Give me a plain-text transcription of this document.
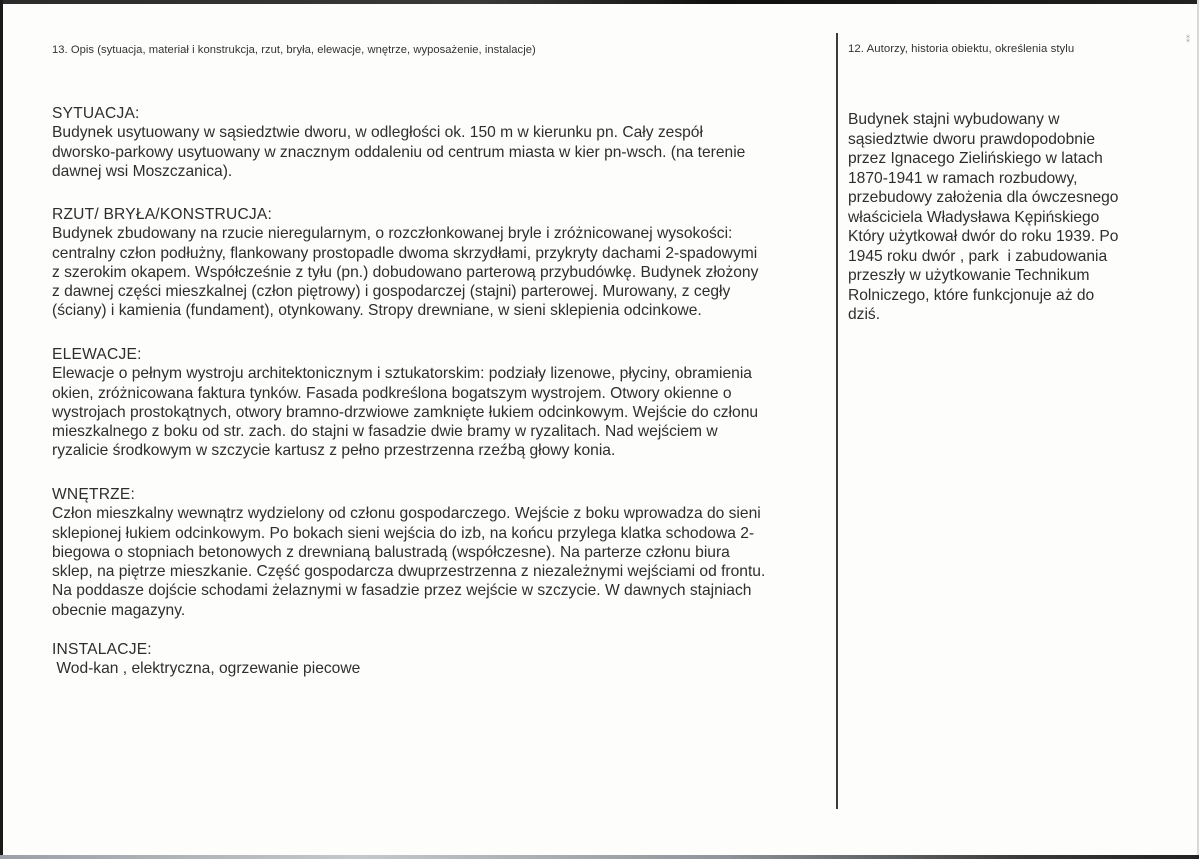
⁑
13. Opis (sytuacja, materiał i konstrukcja, rzut, bryła, elewacje, wnętrze, wyposażenie, instalacje)
SYTUACJA:
Budynek usytuowany w sąsiedztwie dworu, w odległości ok. 150 m w kierunku pn. Cały zespół
dworsko-parkowy usytuowany w znacznym oddaleniu od centrum miasta w kier pn-wsch. (na terenie
dawnej wsi Moszczanica).
RZUT/ BRYŁA/KONSTRUCJA:
Budynek zbudowany na rzucie nieregularnym, o rozczłonkowanej bryle i zróżnicowanej wysokości:
centralny człon podłużny, flankowany prostopadle dwoma skrzydłami, przykryty dachami 2-spadowymi
z szerokim okapem. Współcześnie z tyłu (pn.) dobudowano parterową przybudówkę. Budynek złożony
z dawnej części mieszkalnej (człon piętrowy) i gospodarczej (stajni) parterowej. Murowany, z cegły
(ściany) i kamienia (fundament), otynkowany. Stropy drewniane, w sieni sklepienia odcinkowe.
ELEWACJE:
Elewacje o pełnym wystroju architektonicznym i sztukatorskim: podziały lizenowe, płyciny, obramienia
okien, zróżnicowana faktura tynków. Fasada podkreślona bogatszym wystrojem. Otwory okienne o
wystrojach prostokątnych, otwory bramno-drzwiowe zamknięte łukiem odcinkowym. Wejście do członu
mieszkalnego z boku od str. zach. do stajni w fasadzie dwie bramy w ryzalitach. Nad wejściem w
ryzalicie środkowym w szczycie kartusz z pełno przestrzenna rzeźbą głowy konia.
WNĘTRZE:
Człon mieszkalny wewnątrz wydzielony od członu gospodarczego. Wejście z boku wprowadza do sieni
sklepionej łukiem odcinkowym. Po bokach sieni wejścia do izb, na końcu przylega klatka schodowa 2-
biegowa o stopniach betonowych z drewnianą balustradą (współczesne). Na parterze członu biura
sklep, na piętrze mieszkanie. Część gospodarcza dwuprzestrzenna z niezależnymi wejściami od frontu.
Na poddasze dojście schodami żelaznymi w fasadzie przez wejście w szczycie. W dawnych stajniach
obecnie magazyny.
INSTALACJE:
Wod-kan , elektryczna, ogrzewanie piecowe
12. Autorzy, historia obiektu, określenia stylu
Budynek stajni wybudowany w
sąsiedztwie dworu prawdopodobnie
przez Ignacego Zielińskiego w latach
1870-1941 w ramach rozbudowy,
przebudowy założenia dla ówczesnego
właściciela Władysława Kępińskiego
Który użytkował dwór do roku 1939. Po
1945 roku dwór , park  i zabudowania
przeszły w użytkowanie Technikum
Rolniczego, które funkcjonuje aż do
dziś.
